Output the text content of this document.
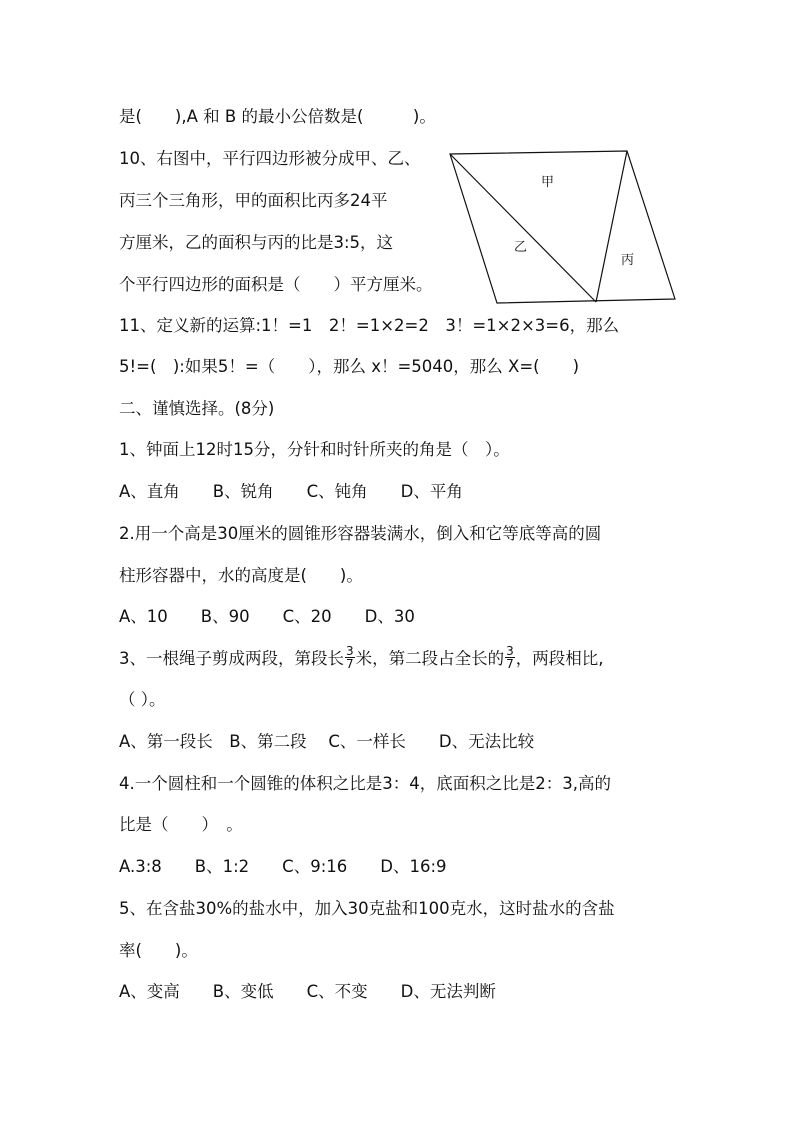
是(　　),A 和 B 的最小公倍数是(　　　)。
10、右图中，平行四边形被分成甲、乙、
丙三个三角形，甲的面积比丙多24平
方厘米，乙的面积与丙的比是3:5，这
个平行四边形的面积是（　　）平方厘米。
11、定义新的运算:1！=1　2！=1×2=2　3！=1×2×3=6，那么
5!=(　):如果5！=（　　），那么 x！=5040，那么 X=(　　)
二、谨慎选择。(8分)
1、钟面上12时15分，分针和时针所夹的角是（　）。
A、直角　　B、锐角　　C、钝角　　D、平角
2.用一个高是30厘米的圆锥形容器装满水，倒入和它等底等高的圆
柱形容器中，水的高度是(　　)。
A、10　　B、90　　C、20　　D、30
3、一根绳子剪成两段，第段长 $\frac{3}{7}$ 米，第二段占全长的 $\frac{3}{7}$ ，两段相比,
（ ）。
A、第一段长　B、第二段　 C、一样长　　D、无法比较
4.一个圆柱和一个圆锥的体积之比是3：4，底面积之比是2：3,高的
比是（　　）　。
A.3:8　　B、1:2　　C、9:16　　D、16:9
5、在含盐30%的盐水中，加入30克盐和100克水，这时盐水的含盐
率(　　)。
A、变高　　B、变低　　C、不变　　D、无法判断
甲
乙
丙
